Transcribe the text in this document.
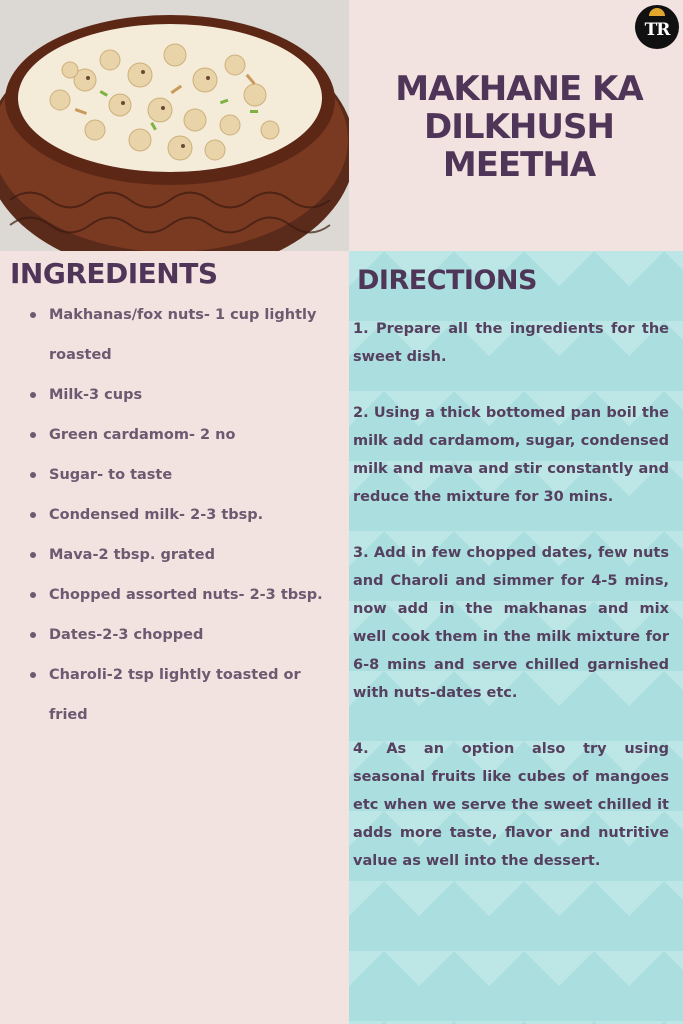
TR
MAKHANE KA
DILKHUSH
MEETHA
INGREDIENTS
Makhanas/fox nuts- 1 cup lightly roasted
Milk-3 cups
Green cardamom- 2 no
Sugar- to taste
Condensed milk- 2-3 tbsp.
Mava-2 tbsp. grated
Chopped assorted nuts- 2-3 tbsp.
Dates-2-3 chopped
Charoli-2 tsp lightly toasted or fried
DIRECTIONS

1. Prepare all the ingredients for the sweet dish.

2. Using a thick bottomed pan boil the milk add cardamom, sugar, condensed milk and mava and stir constantly and reduce the mixture for 30 mins.

3. Add in few chopped dates, few nuts and Charoli and simmer for 4-5 mins, now add in the makhanas and mix well cook them in the milk mixture for 6-8 mins and serve chilled garnished with nuts-dates etc.

4. As an option also try using seasonal fruits like cubes of mangoes etc when we serve the sweet chilled it adds more taste, flavor and nutritive value as well into the dessert.
